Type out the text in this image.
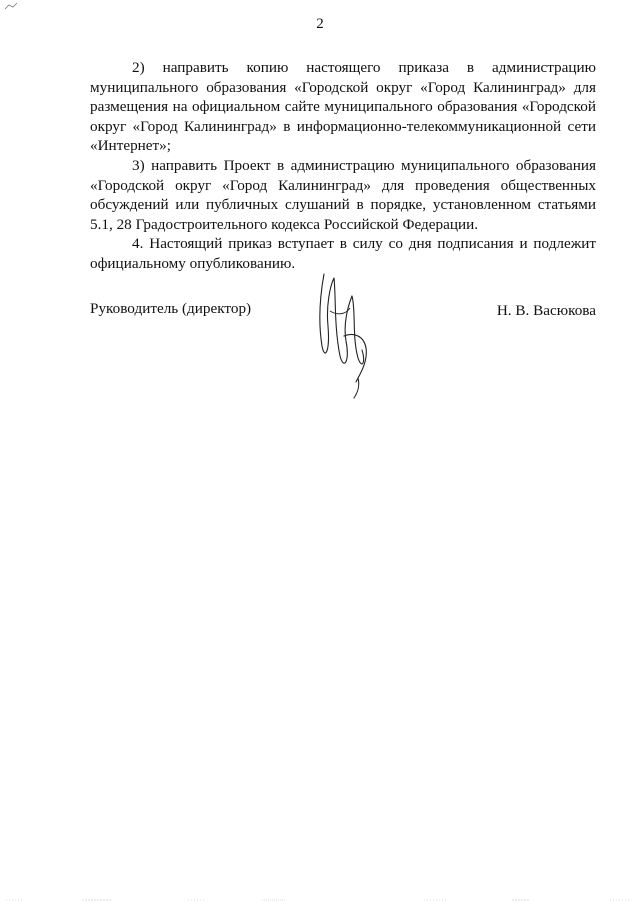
2

2) направить копию настоящего приказа в администрацию муниципального образования «Городской округ «Город Калининград» для размещения на официальном сайте муниципального образования «Городской округ «Город Калининград» в информационно-телекоммуникационной сети «Интернет»;

3) направить Проект в администрацию муниципального образования «Городской округ «Город Калининград» для проведения общественных обсуждений или публичных слушаний в порядке, установленном статьями 5.1, 28 Градостроительного кодекса Российской Федерации.

4. Настоящий приказ вступает в силу со дня подписания и подлежит официальному опубликованию.

Руководитель (директор)	Н. В. Васюкова
